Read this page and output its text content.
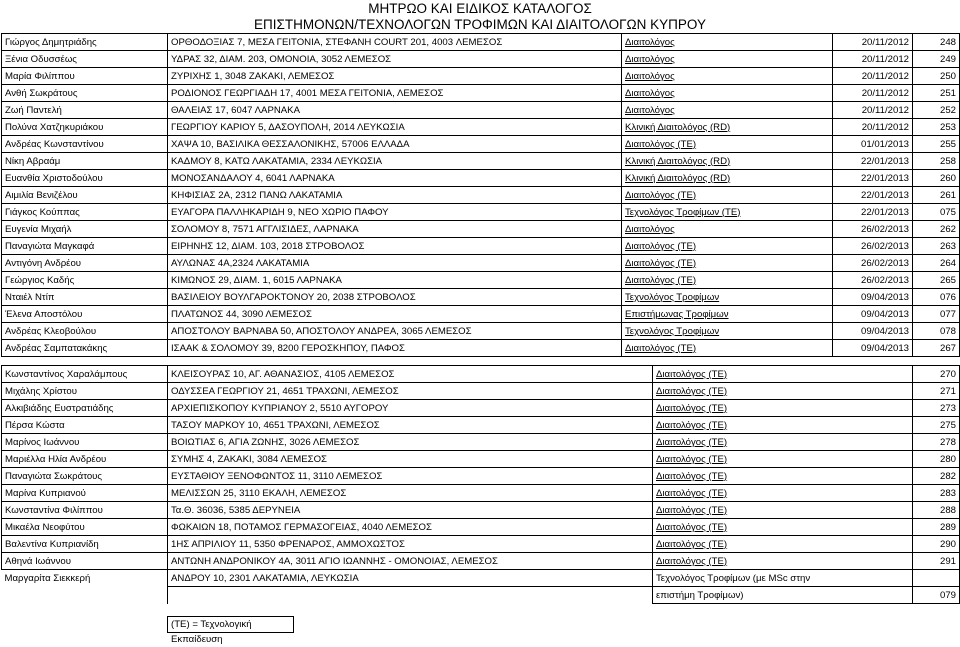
ΜΗΤΡΩΟ ΚΑΙ ΕΙΔΙΚΟΣ ΚΑΤΑΛΟΓΟΣ
ΕΠΙΣΤΗΜΟΝΩΝ/ΤΕΧΝΟΛΟΓΩΝ ΤΡΟΦΙΜΩΝ ΚΑΙ ΔΙΑΙΤΟΛΟΓΩΝ ΚΥΠΡΟΥ
Γιώργος Δημητριάδης	ΟΡΘΟΔΟΞΙΑΣ 7, ΜΕΣΑ ΓΕΙΤΟΝΙΑ, ΣΤΕΦΑΝΗ COURT 201, 4003 ΛΕΜΕΣΟΣ	Διαιτολόγος	20/11/2012	248
Ξένια Οδυσσέως	ΥΔΡΑΣ 32, ΔΙΑΜ. 203, ΟΜΟΝΟΙΑ, 3052 ΛΕΜΕΣΟΣ	Διαιτολόγος	20/11/2012	249
Μαρία Φιλίππου	ΖΥΡΙΧΗΣ 1, 3048 ΖΑΚΑΚΙ, ΛΕΜΕΣΟΣ	Διαιτολόγος	20/11/2012	250
Ανθή Σωκράτους	ΡΟΔΙΟΝΟΣ ΓΕΩΡΓΙΑΔΗ 17, 4001 ΜΕΣΑ ΓΕΙΤΟΝΙΑ, ΛΕΜΕΣΟΣ	Διαιτολόγος	20/11/2012	251
Ζωή Παντελή	ΘΑΛΕΙΑΣ 17, 6047 ΛΑΡΝΑΚΑ	Διαιτολόγος	20/11/2012	252
Πολύνα Χατζηκυριάκου	ΓΕΩΡΓΙΟΥ ΚΑΡΙΟΥ 5, ΔΑΣΟΥΠΟΛΗ, 2014 ΛΕΥΚΩΣΙΑ	Κλινική Διαιτολόγος (RD)	20/11/2012	253
Ανδρέας Κωνσταντίνου	ΧΑΨΑ 10, ΒΑΣΙΛΙΚΑ ΘΕΣΣΑΛΟΝΙΚΗΣ, 57006 ΕΛΛΑΔΑ	Διαιτολόγος (ΤΕ)	01/01/2013	255
Νίκη Αβραάμ	ΚΑΔΜΟΥ 8, ΚΑΤΩ ΛΑΚΑΤΑΜΙΑ, 2334 ΛΕΥΚΩΣΙΑ	Κλινική Διαιτολόγος (RD)	22/01/2013	258
Ευανθία Χριστοδούλου	ΜΟΝΟΣΑΝΔΑΛΟΥ 4, 6041 ΛΑΡΝΑΚΑ	Κλινική Διαιτολόγος (RD)	22/01/2013	260
Αιμιλία Βενιζέλου	ΚΗΦΙΣΙΑΣ 2Α, 2312 ΠΑΝΩ ΛΑΚΑΤΑΜΙΑ	Διαιτολόγος (ΤΕ)	22/01/2013	261
Γιάγκος Κούππας	ΕΥΑΓΟΡΑ ΠΑΛΛΗΚΑΡΙΔΗ 9, ΝΕΟ ΧΩΡΙΟ ΠΑΦΟΥ	Τεχνολόγος Τροφίμων (ΤΕ)	22/01/2013	075
Ευγενία Μιχαήλ	ΣΟΛΟΜΟΥ 8, 7571 ΑΓΓΛΙΣΙΔΕΣ, ΛΑΡΝΑΚΑ	Διαιτολόγος	26/02/2013	262
Παναγιώτα Μαγκαφά	ΕΙΡΗΝΗΣ 12, ΔΙΑΜ. 103, 2018 ΣΤΡΟΒΟΛΟΣ	Διαιτολόγος (ΤΕ)	26/02/2013	263
Αντιγόνη Ανδρέου	ΑΥΛΩΝΑΣ 4Α,2324 ΛΑΚΑΤΑΜΙΑ	Διαιτολόγος (ΤΕ)	26/02/2013	264
Γεώργιος Καδής	ΚΙΜΩΝΟΣ 29, ΔΙΑΜ. 1, 6015 ΛΑΡΝΑΚΑ	Διαιτολόγος (ΤΕ)	26/02/2013	265
Νταιέλ Ντίπ	ΒΑΣΙΛΕΙΟΥ ΒΟΥΛΓΑΡΟΚΤΟΝΟΥ 20, 2038 ΣΤΡΟΒΟΛΟΣ	Τεχνολόγος Τροφίμων	09/04/2013	076
Έλενα Αποστόλου	ΠΛΑΤΩΝΟΣ 44, 3090 ΛΕΜΕΣΟΣ	Επιστήμωνας Τροφίμων	09/04/2013	077
Ανδρέας Κλεοβούλου	ΑΠΟΣΤΟΛΟΥ ΒΑΡΝΑΒΑ 50, ΑΠΟΣΤΟΛΟΥ ΑΝΔΡΕΑ, 3065 ΛΕΜΕΣΟΣ	Τεχνολόγος Τροφίμων	09/04/2013	078
Ανδρέας Σαμπατακάκης	ΙΣΑΑΚ & ΣΟΛΟΜΟΥ 39, 8200 ΓΕΡΟΣΚΗΠΟΥ, ΠΑΦΟΣ	Διαιτολόγος (ΤΕ)	09/04/2013	267
Κωνσταντίνος Χαραλάμπους	ΚΛΕΙΣΟΥΡΑΣ 10, ΑΓ. ΑΘΑΝΑΣΙΟΣ, 4105 ΛΕΜΕΣΟΣ	Διαιτολόγος (ΤΕ)	270
Μιχάλης Χρίστου	ΟΔΥΣΣΕΑ ΓΕΩΡΓΙΟΥ 21, 4651 ΤΡΑΧΩΝΙ, ΛΕΜΕΣΟΣ	Διαιτολόγος (ΤΕ)	271
Αλκιβιάδης Ευστρατιάδης	ΑΡΧΙΕΠΙΣΚΟΠΟΥ ΚΥΠΡΙΑΝΟΥ 2, 5510 ΑΥΓΟΡΟΥ	Διαιτολόγος (ΤΕ)	273
Πέρσα Κώστα	ΤΑΣΟΥ ΜΑΡΚΟΥ 10, 4651 ΤΡΑΧΩΝΙ, ΛΕΜΕΣΟΣ	Διαιτολόγος (ΤΕ)	275
Μαρίνος Ιωάννου	ΒΟΙΩΤΙΑΣ 6, ΑΓΙΑ ΖΩΝΗΣ, 3026 ΛΕΜΕΣΟΣ	Διαιτολόγος (ΤΕ)	278
Μαριέλλα Ηλία Ανδρέου	ΣΥΜΗΣ 4, ΖΑΚΑΚΙ, 3084 ΛΕΜΕΣΟΣ	Διαιτολόγος (ΤΕ)	280
Παναγιώτα Σωκράτους	ΕΥΣΤΑΘΙΟΥ ΞΕΝΟΦΩΝΤΟΣ 11, 3110 ΛΕΜΕΣΟΣ	Διαιτολόγος (ΤΕ)	282
Μαρίνα Κυπριανού	ΜΕΛΙΣΣΩΝ 25, 3110 ΕΚΑΛΗ, ΛΕΜΕΣΟΣ	Διαιτολόγος (ΤΕ)	283
Κωνσταντίνα Φιλίππου	Τα.Θ. 36036, 5385 ΔΕΡΥΝΕΙΑ	Διαιτολόγος (ΤΕ)	288
Μικαέλα Νεοφύτου	ΦΩΚΑΙΩΝ 18, ΠΟΤΑΜΟΣ ΓΕΡΜΑΣΟΓΕΙΑΣ, 4040 ΛΕΜΕΣΟΣ	Διαιτολόγος (ΤΕ)	289
Βαλεντίνα Κυπριανίδη	1ΗΣ ΑΠΡΙΛΙΟΥ 11, 5350 ΦΡΕΝΑΡΟΣ, ΑΜΜΟΧΩΣΤΟΣ	Διαιτολόγος (ΤΕ)	290
Αθηνά Ιωάννου	ΑΝΤΩΝΗ ΑΝΔΡΟΝΙΚΟΥ 4Α, 3011 ΑΓΙΟ ΙΩΑΝΝΗΣ - ΟΜΟΝΟΙΑΣ, ΛΕΜΕΣΟΣ	Διαιτολόγος (ΤΕ)	291
Μαργαρίτα Σιεκκερή	ΑΝΔΡΟΥ 10, 2301 ΛΑΚΑΤΑΜΙΑ, ΛΕΥΚΩΣΙΑ	Τεχνολόγος Τροφίμων (με MSc στην	
		επιστήμη Τροφίμων)	079
(ΤΕ) = Τεχνολογική Εκπαίδευση
